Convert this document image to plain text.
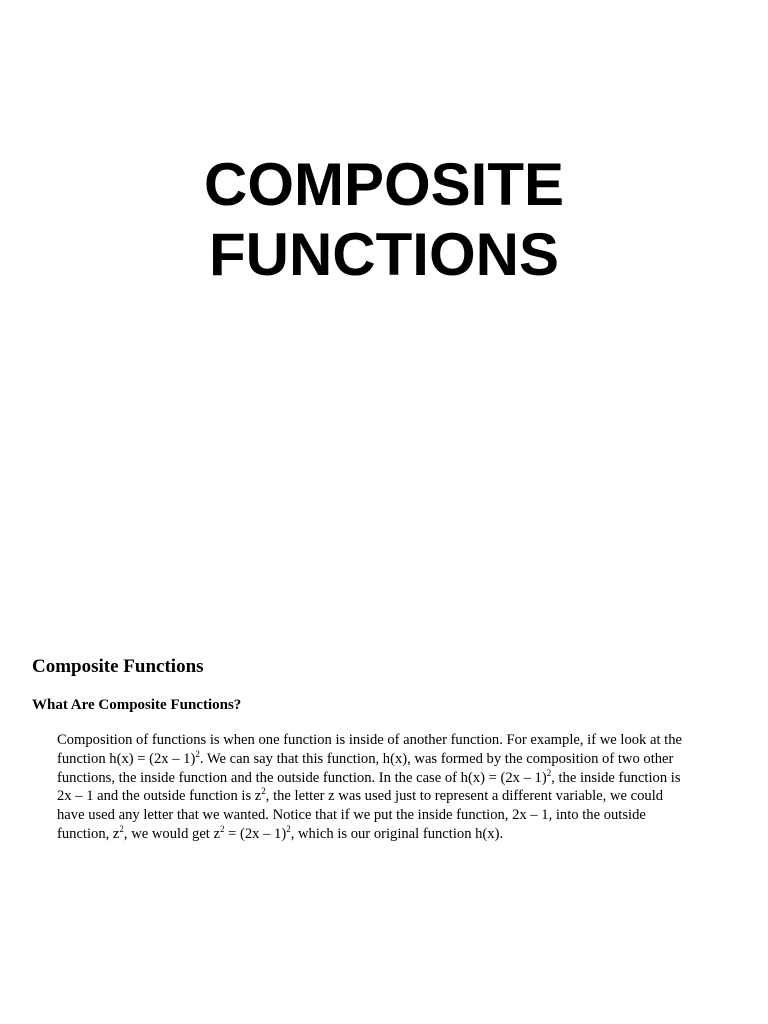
COMPOSITE
FUNCTIONS
Composite Functions
What Are Composite Functions?
Composition of functions is when one function is inside of another function. For example, if we look at the
function h(x) = (2x – 1)$^2$. We can say that this function, h(x), was formed by the composition of two other
functions, the inside function and the outside function. In the case of h(x) = (2x – 1)$^2$, the inside function is
2x – 1 and the outside function is $z^2$, the letter z was used just to represent a different variable, we could
have used any letter that we wanted. Notice that if we put the inside function, 2x – 1, into the outside
function, $z^2$, we would get $z^2 = (2x - 1)^2$, which is our original function h(x).
